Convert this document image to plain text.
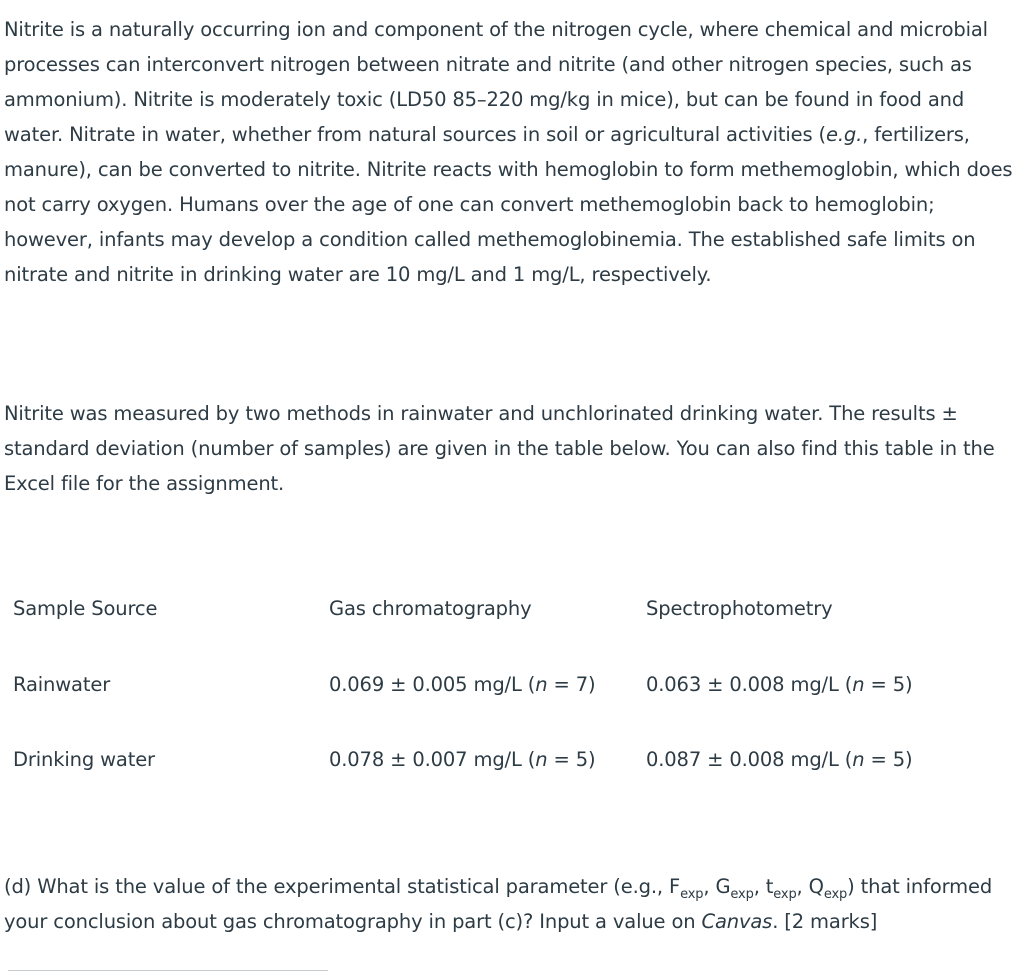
Nitrite is a naturally occurring ion and component of the nitrogen cycle, where chemical and microbial processes can interconvert nitrogen between nitrate and nitrite (and other nitrogen species, such as ammonium). Nitrite is moderately toxic (LD50 85–220 mg/kg in mice), but can be found in food and water. Nitrate in water, whether from natural sources in soil or agricultural activities (e.g., fertilizers, manure), can be converted to nitrite. Nitrite reacts with hemoglobin to form methemoglobin, which does not carry oxygen. Humans over the age of one can convert methemoglobin back to hemoglobin; however, infants may develop a condition called methemoglobinemia. The established safe limits on nitrate and nitrite in drinking water are 10 mg/L and 1 mg/L, respectively.

Nitrite was measured by two methods in rainwater and unchlorinated drinking water. The results ± standard deviation (number of samples) are given in the table below. You can also find this table in the Excel file for the assignment.

Sample Source	Gas chromatography	Spectrophotometry
Rainwater	0.069 ± 0.005 mg/L (n = 7)	0.063 ± 0.008 mg/L (n = 5)
Drinking water	0.078 ± 0.007 mg/L (n = 5)	0.087 ± 0.008 mg/L (n = 5)

(d) What is the value of the experimental statistical parameter (e.g., $F_{exp}$, $G_{exp}$, $t_{exp}$, $Q_{exp}$) that informed your conclusion about gas chromatography in part (c)? Input a value on Canvas. [2 marks]
